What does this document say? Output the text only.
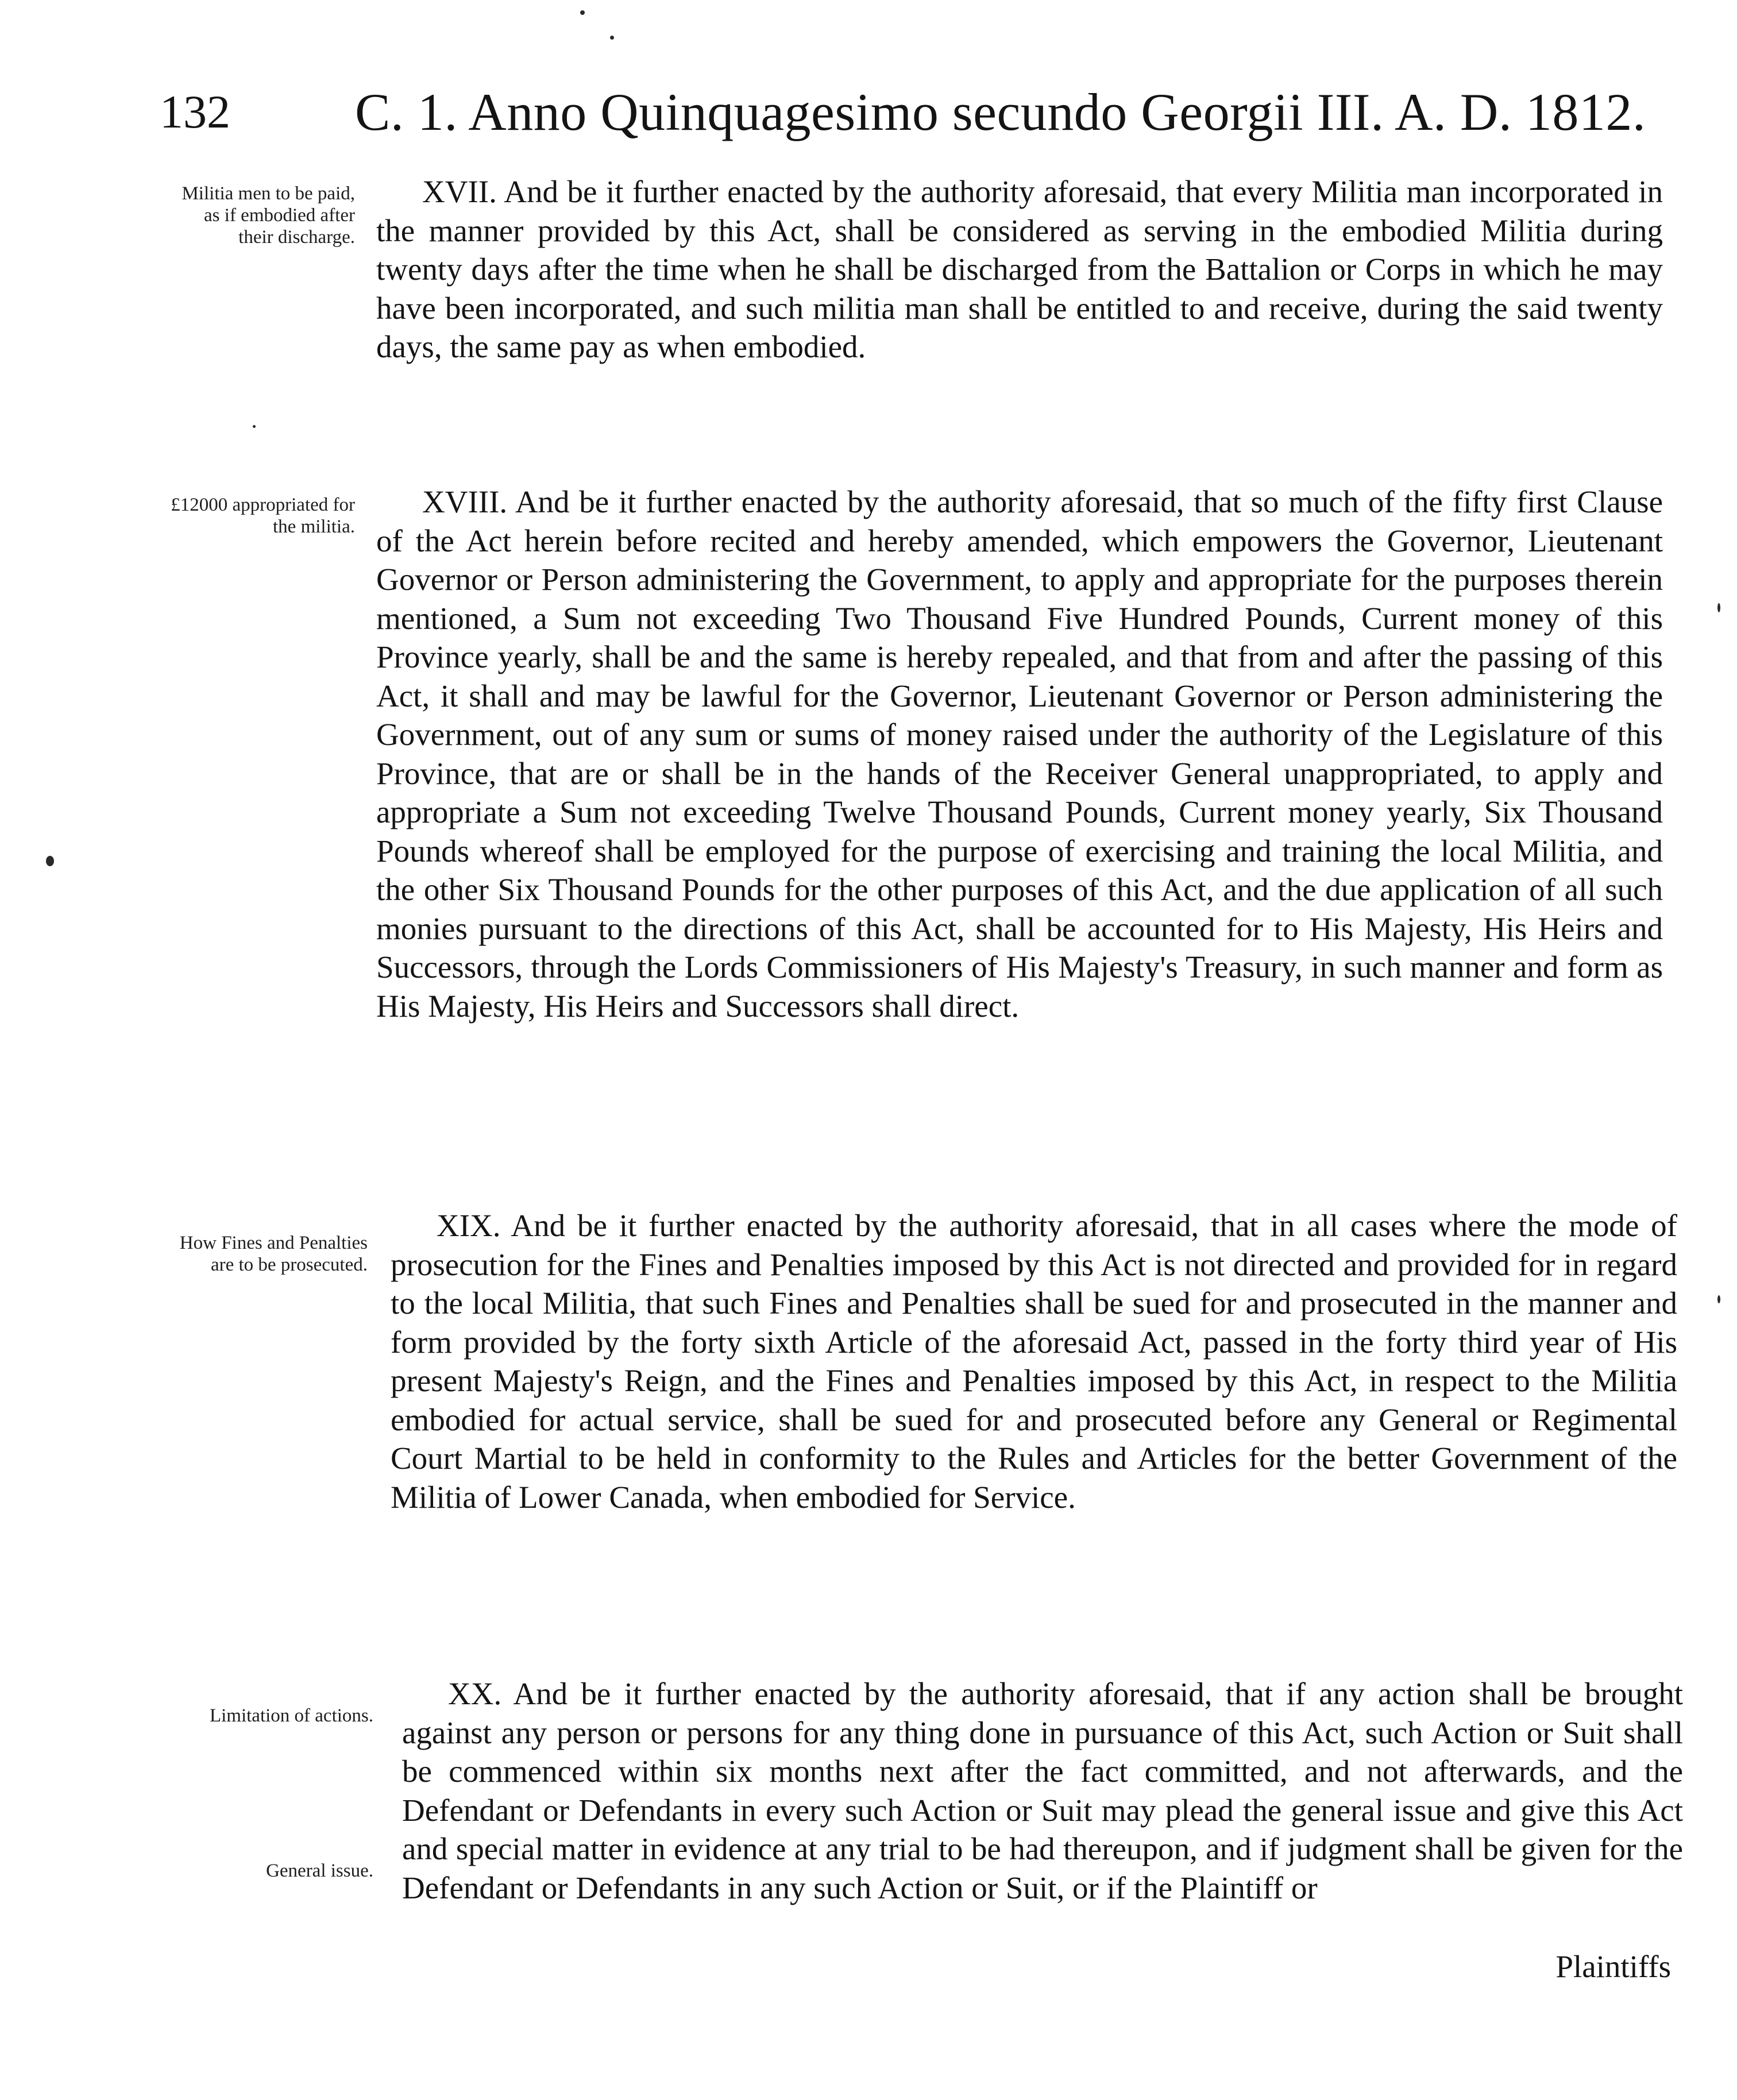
132 C. 1. Anno Quinquagesimo secundo Georgii III. A. D. 1812.
Militia men to be paid, as if embodied after their discharge.

XVII. And be it further enacted by the authority aforesaid, that every Militia man incorporated in the manner provided by this Act, shall be considered as serving in the embodied Militia during twenty days after the time when he shall be discharged from the Battalion or Corps in which he may have been incorporated, and such militia man shall be entitled to and receive, during the said twenty days, the same pay as when embodied.

£12000 appropriated for the militia.

XVIII. And be it further enacted by the authority aforesaid, that so much of the fifty first Clause of the Act herein before recited and hereby amended, which empowers the Governor, Lieutenant Governor or Person administering the Government, to apply and appropriate for the purposes therein mentioned, a Sum not exceeding Two Thousand Five Hundred Pounds, Current money of this Province yearly, shall be and the same is hereby repealed, and that from and after the passing of this Act, it shall and may be lawful for the Governor, Lieutenant Governor or Person administering the Government, out of any sum or sums of money raised under the authority of the Legislature of this Province, that are or shall be in the hands of the Receiver General unappropriated, to apply and appropriate a Sum not exceeding Twelve Thousand Pounds, Current money yearly, Six Thousand Pounds whereof shall be employed for the purpose of exercising and training the local Militia, and the other Six Thousand Pounds for the other purposes of this Act, and the due application of all such monies pursuant to the directions of this Act, shall be accounted for to His Majesty, His Heirs and Successors, through the Lords Commissioners of His Majesty's Treasury, in such manner and form as His Majesty, His Heirs and Successors shall direct.

How Fines and Penalties are to be prosecuted.

XIX. And be it further enacted by the authority aforesaid, that in all cases where the mode of prosecution for the Fines and Penalties imposed by this Act is not directed and provided for in regard to the local Militia, that such Fines and Penalties shall be sued for and prosecuted in the manner and form provided by the forty sixth Article of the aforesaid Act, passed in the forty third year of His present Majesty's Reign, and the Fines and Penalties imposed by this Act, in respect to the Militia embodied for actual service, shall be sued for and prosecuted before any General or Regimental Court Martial to be held in conformity to the Rules and Articles for the better Government of the Militia of Lower Canada, when embodied for Service.

Limitation of actions.
General issue.

XX. And be it further enacted by the authority aforesaid, that if any action shall be brought against any person or persons for any thing done in pursuance of this Act, such Action or Suit shall be commenced within six months next after the fact committed, and not afterwards, and the Defendant or Defendants in every such Action or Suit may plead the general issue and give this Act and special matter in evidence at any trial to be had thereupon, and if judgment shall be given for the Defendant or Defendants in any such Action or Suit, or if the Plaintiff or

Plaintiffs
